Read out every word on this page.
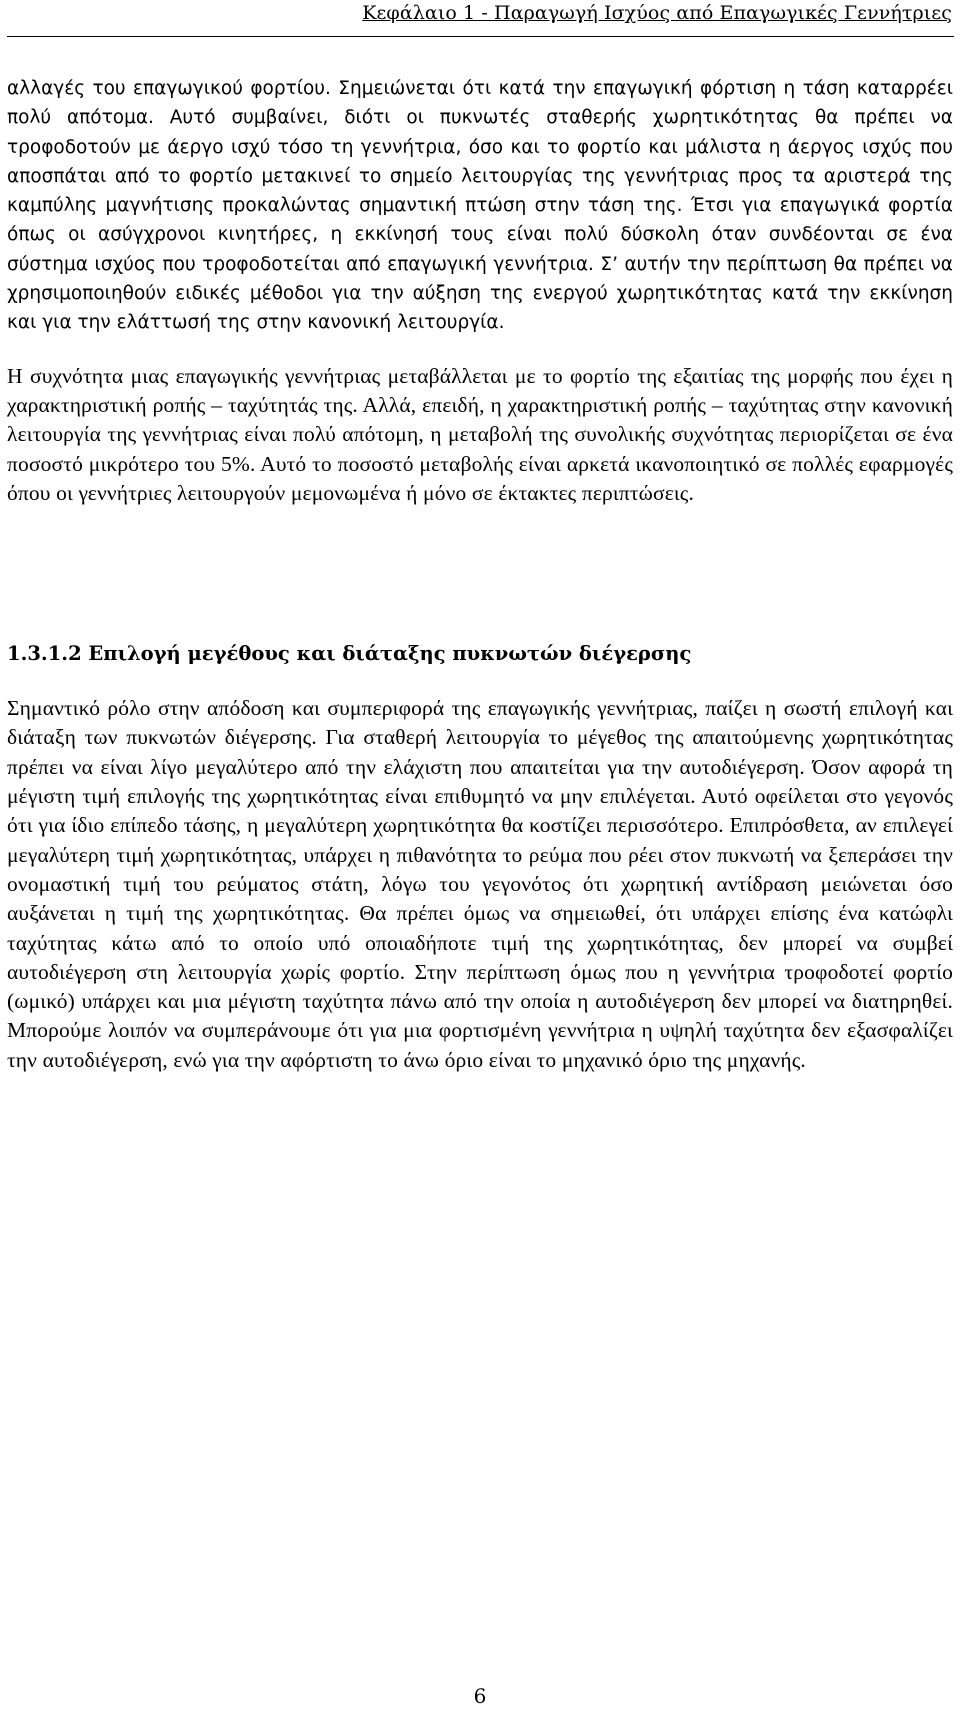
Κεφάλαιο 1 - Παραγωγή Ισχύος από Επαγωγικές Γεννήτριες

αλλαγές του επαγωγικού φορτίου. Σημειώνεται ότι κατά την επαγωγική φόρτιση η τάση καταρρέει πολύ απότομα. Αυτό συμβαίνει, διότι οι πυκνωτές σταθερής χωρητικότητας θα πρέπει να τροφοδοτούν με άεργο ισχύ τόσο τη γεννήτρια, όσο και το φορτίο και μάλιστα η άεργος ισχύς που αποσπάται από το φορτίο μετακινεί το σημείο λειτουργίας της γεννήτριας προς τα αριστερά της καμπύλης μαγνήτισης προκαλώντας σημαντική πτώση στην τάση της. Έτσι για επαγωγικά φορτία όπως οι ασύγχρονοι κινητήρες, η εκκίνησή τους είναι πολύ δύσκολη όταν συνδέονται σε ένα σύστημα ισχύος που τροφοδοτείται από επαγωγική γεννήτρια. Σ’ αυτήν την περίπτωση θα πρέπει να χρησιμοποιηθούν ειδικές μέθοδοι για την αύξηση της ενεργού χωρητικότητας κατά την εκκίνηση και για την ελάττωσή της στην κανονική λειτουργία.

Η συχνότητα μιας επαγωγικής γεννήτριας μεταβάλλεται με το φορτίο της εξαιτίας της μορφής που έχει η χαρακτηριστική ροπής – ταχύτητάς της. Αλλά, επειδή, η χαρακτηριστική ροπής – ταχύτητας στην κανονική λειτουργία της γεννήτριας είναι πολύ απότομη, η μεταβολή της συνολικής συχνότητας περιορίζεται σε ένα ποσοστό μικρότερο του 5%. Αυτό το ποσοστό μεταβολής είναι αρκετά ικανοποιητικό σε πολλές εφαρμογές όπου οι γεννήτριες λειτουργούν μεμονωμένα ή μόνο σε έκτακτες περιπτώσεις.

1.3.1.2 Επιλογή μεγέθους και διάταξης πυκνωτών διέγερσης

Σημαντικό ρόλο στην απόδοση και συμπεριφορά της επαγωγικής γεννήτριας, παίζει η σωστή επιλογή και διάταξη των πυκνωτών διέγερσης. Για σταθερή λειτουργία το μέγεθος της απαιτούμενης χωρητικότητας πρέπει να είναι λίγο μεγαλύτερο από την ελάχιστη που απαιτείται για την αυτοδιέγερση. Όσον αφορά τη μέγιστη τιμή επιλογής της χωρητικότητας είναι επιθυμητό να μην επιλέγεται. Αυτό οφείλεται στο γεγονός ότι για ίδιο επίπεδο τάσης, η μεγαλύτερη χωρητικότητα θα κοστίζει περισσότερο. Επιπρόσθετα, αν επιλεγεί μεγαλύτερη τιμή χωρητικότητας, υπάρχει η πιθανότητα το ρεύμα που ρέει στον πυκνωτή να ξεπεράσει την ονομαστική τιμή του ρεύματος στάτη, λόγω του γεγονότος ότι χωρητική αντίδραση μειώνεται όσο αυξάνεται η τιμή της χωρητικότητας. Θα πρέπει όμως να σημειωθεί, ότι υπάρχει επίσης ένα κατώφλι ταχύτητας κάτω από το οποίο υπό οποιαδήποτε τιμή της χωρητικότητας, δεν μπορεί να συμβεί αυτοδιέγερση στη λειτουργία χωρίς φορτίο. Στην περίπτωση όμως που η γεννήτρια τροφοδοτεί φορτίο (ωμικό) υπάρχει και μια μέγιστη ταχύτητα πάνω από την οποία η αυτοδιέγερση δεν μπορεί να διατηρηθεί. Μπορούμε λοιπόν να συμπεράνουμε ότι για μια φορτισμένη γεννήτρια η υψηλή ταχύτητα δεν εξασφαλίζει την αυτοδιέγερση, ενώ για την αφόρτιστη το άνω όριο είναι το μηχανικό όριο της μηχανής.

6
